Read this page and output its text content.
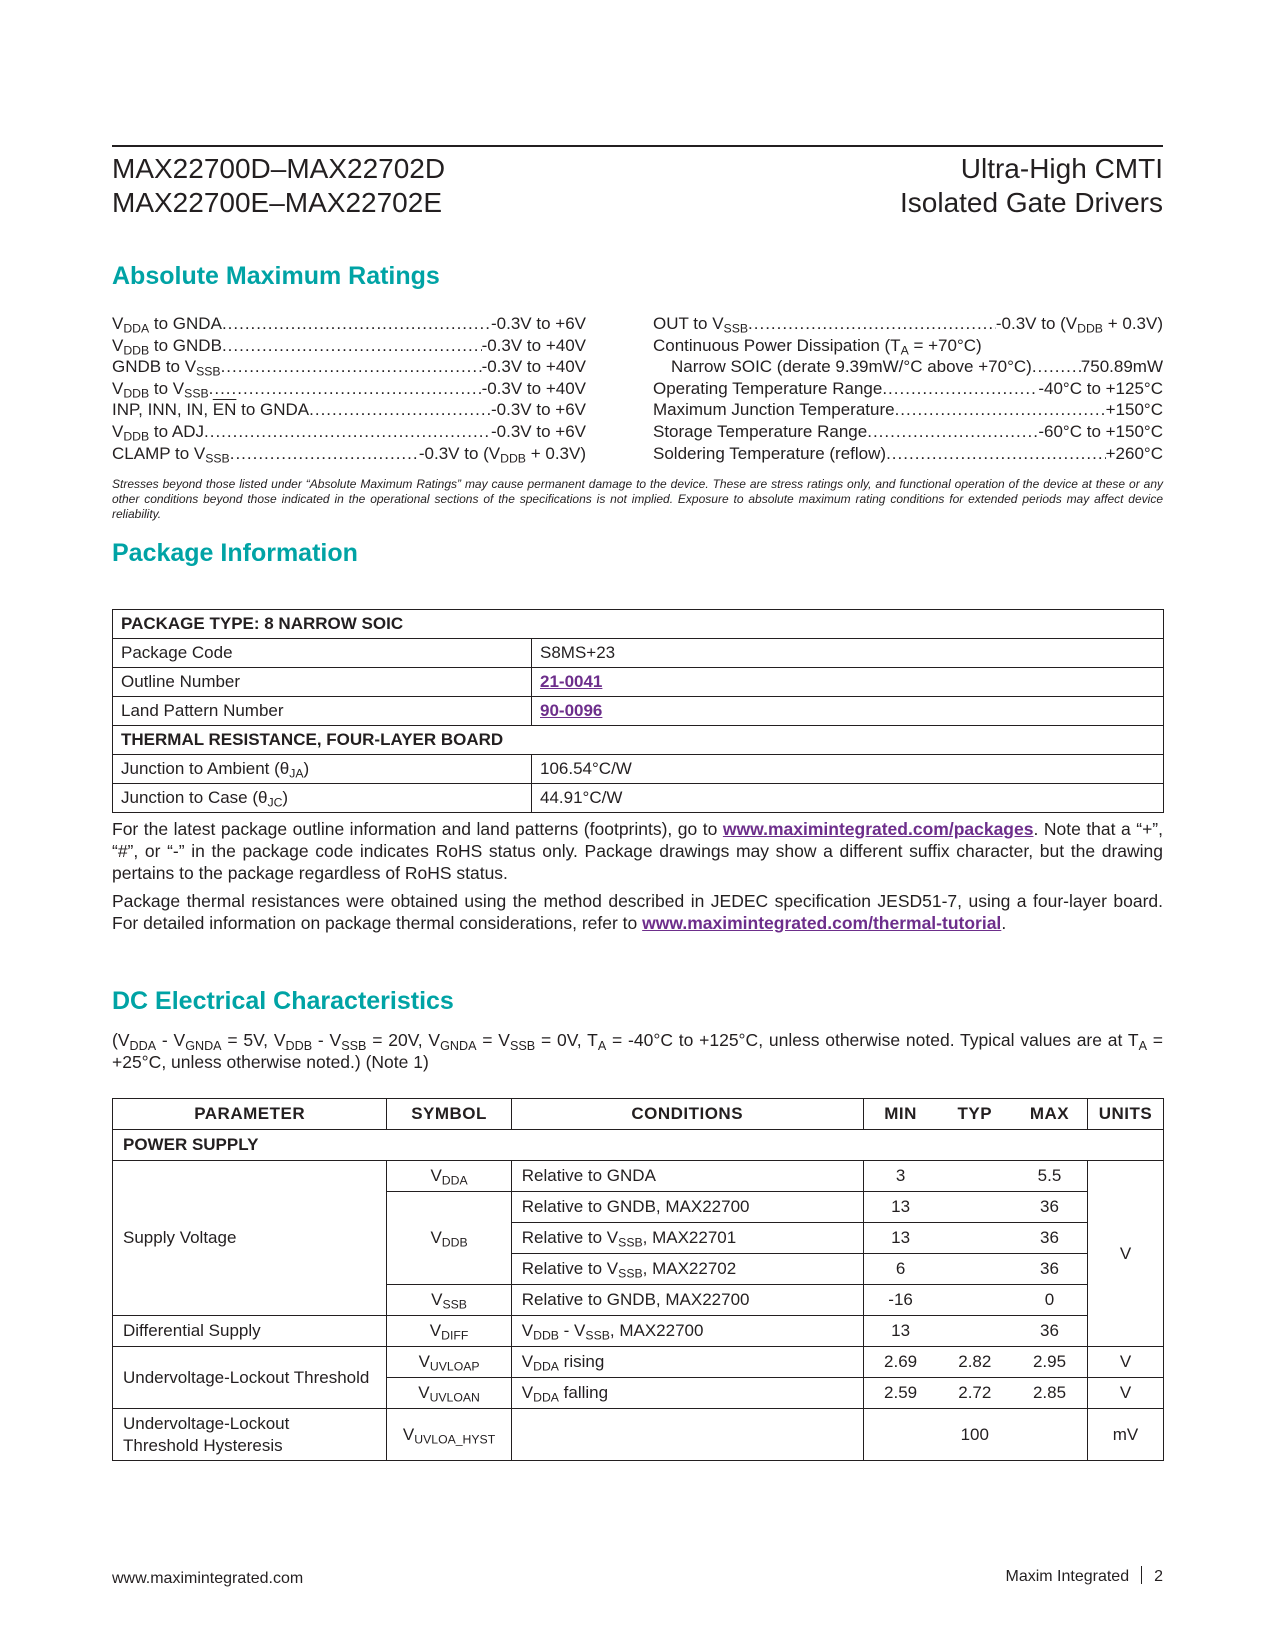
MAX22700D–MAX22702D
MAX22700E–MAX22702E
Ultra-High CMTI
Isolated Gate Drivers
Absolute Maximum Ratings
$V_{DDA}$ to GNDA .....	-0.3V to +6V
$V_{DDB}$ to GNDB .....	-0.3V to +40V
GNDB to $V_{SSB}$ .....	-0.3V to +40V
$V_{DDB}$ to $V_{SSB}$ .....	-0.3V to +40V
INP, INN, IN, $\overline{EN}$ to GNDA .....	-0.3V to +6V
$V_{DDB}$ to ADJ .....	-0.3V to +6V
CLAMP to $V_{SSB}$ .....	-0.3V to $(V_{DDB} + 0.3V)$
OUT to $V_{SSB}$ .....	-0.3V to $(V_{DDB} + 0.3V)$
Continuous Power Dissipation $(T_A = +70^\circ C)$
Narrow SOIC (derate 9.39mW/°C above +70°C) .....	750.89mW
Operating Temperature Range .....	-40°C to +125°C
Maximum Junction Temperature .....	+150°C
Storage Temperature Range .....	-60°C to +150°C
Soldering Temperature (reflow) .....	+260°C
Stresses beyond those listed under “Absolute Maximum Ratings” may cause permanent damage to the device. These are stress ratings only, and functional operation of the device at these or any other conditions beyond those indicated in the operational sections of the specifications is not implied. Exposure to absolute maximum rating conditions for extended periods may affect device reliability.
Package Information
PACKAGE TYPE: 8 NARROW SOIC	
Package Code	S8MS+23
Outline Number	21-0041
Land Pattern Number	90-0096
THERMAL RESISTANCE, FOUR-LAYER BOARD	
Junction to Ambient $(\theta_{JA})$	106.54°C/W
Junction to Case $(\theta_{JC})$	44.91°C/W
For the latest package outline information and land patterns (footprints), go to www.maximintegrated.com/packages. Note that a “+”, “#”, or “-” in the package code indicates RoHS status only. Package drawings may show a different suffix character, but the drawing pertains to the package regardless of RoHS status.
Package thermal resistances were obtained using the method described in JEDEC specification JESD51-7, using a four-layer board. For detailed information on package thermal considerations, refer to www.maximintegrated.com/thermal-tutorial.
DC Electrical Characteristics
($V_{DDA} - V_{GNDA} = 5V$, $V_{DDB} - V_{SSB} = 20V$, $V_{GNDA} = V_{SSB} = 0V$, $T_A = -40^\circ C$ to +125°C, unless otherwise noted. Typical values are at $T_A = +25^\circ C$, unless otherwise noted.) (Note 1)
PARAMETER	SYMBOL	CONDITIONS	MIN	TYP	MAX	UNITS
POWER SUPPLY						
Supply Voltage	$V_{DDA}$	Relative to GNDA	3		5.5	V
	$V_{DDB}$	Relative to GNDB, MAX22700	13		36	
		Relative to $V_{SSB}$, MAX22701	13		36	
		Relative to $V_{SSB}$, MAX22702	6		36	
	$V_{SSB}$	Relative to GNDB, MAX22700	-16		0	
Differential Supply	$V_{DIFF}$	$V_{DDB} - V_{SSB}$, MAX22700	13		36	
Undervoltage-Lockout Threshold	$V_{UVLOAP}$	$V_{DDA}$ rising	2.69	2.82	2.95	V
	$V_{UVLOAN}$	$V_{DDA}$ falling	2.59	2.72	2.85	V
Undervoltage-Lockout Threshold Hysteresis	$V_{UVLOA\_HYST}$			100		mV
www.maximintegrated.com	Maxim Integrated 2
